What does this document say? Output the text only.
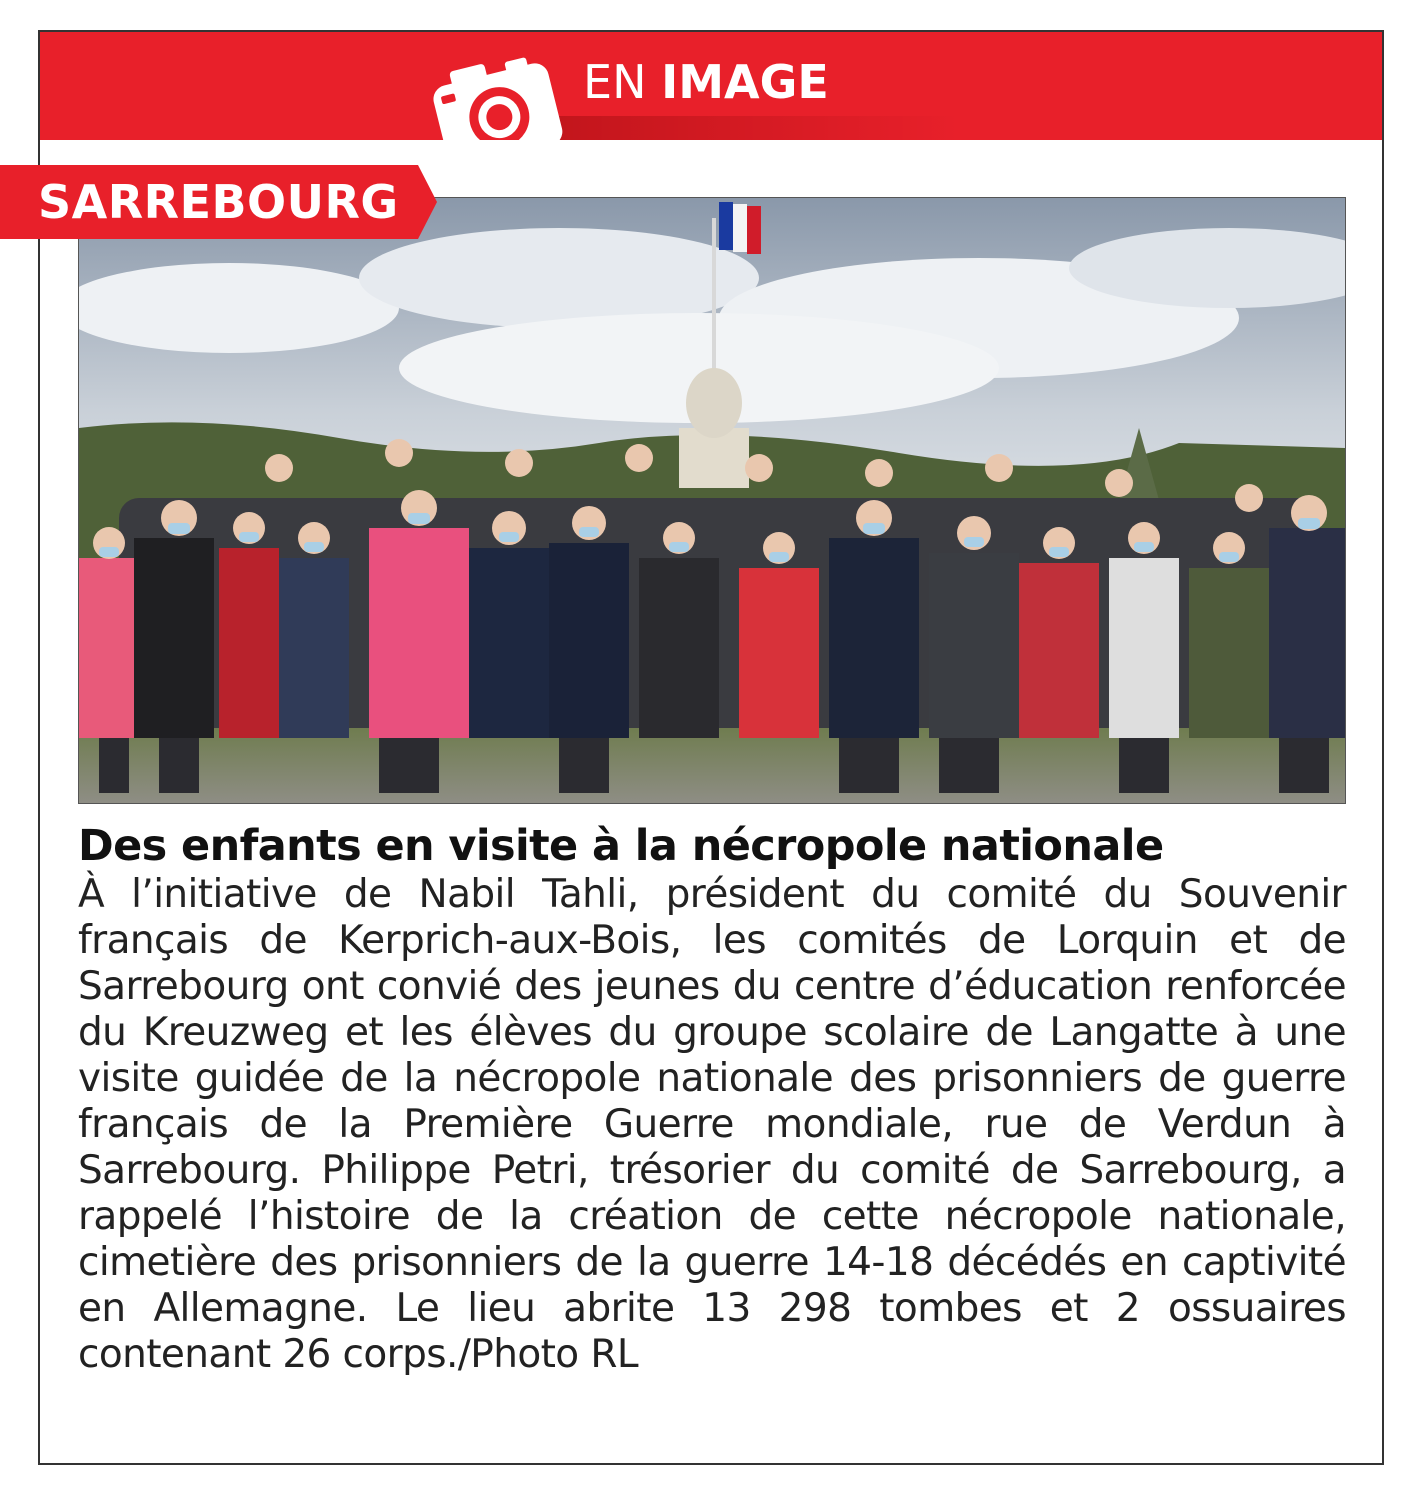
EN IMAGE

Des enfants en visite à la nécropole nationale

À l’initiative de Nabil Tahli, président du comité du Souvenir français de Kerprich-aux-Bois, les comités de Lorquin et de Sarrebourg ont convié des jeunes du centre d’éducation renforcée du Kreuzweg et les élèves du groupe scolaire de Langatte à une visite guidée de la nécropole nationale des prisonniers de guerre français de la Première Guerre mondiale, rue de Verdun à Sarrebourg. Philippe Petri, trésorier du comité de Sarrebourg, a rappelé l’histoire de la création de cette nécropole nationale, cimetière des prisonniers de la guerre 14-18 décédés en captivité en Allemagne. Le lieu abrite 13 298 tombes et 2 ossuaires contenant 26 corps./Photo RL

SARREBOURG
